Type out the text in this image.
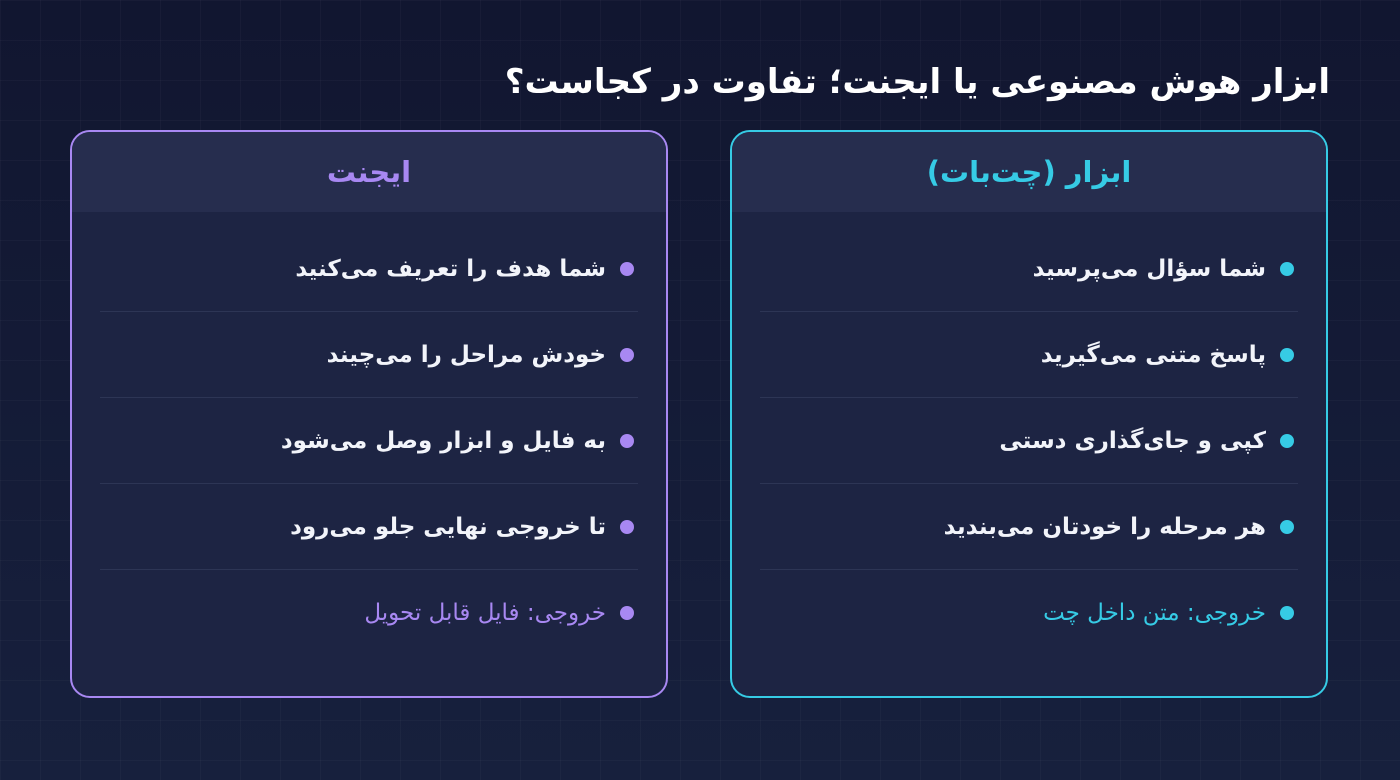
ابزار هوش مصنوعی یا ایجنت؛ تفاوت در کجاست؟
ابزار (چت‌بات)
شما سؤال می‌پرسید
پاسخ متنی می‌گیرید
کپی و جای‌گذاری دستی
هر مرحله را خودتان می‌بندید
خروجی: متن داخل چت
ایجنت
شما هدف را تعریف می‌کنید
خودش مراحل را می‌چیند
به فایل و ابزار وصل می‌شود
تا خروجی نهایی جلو می‌رود
خروجی: فایل قابل تحویل
